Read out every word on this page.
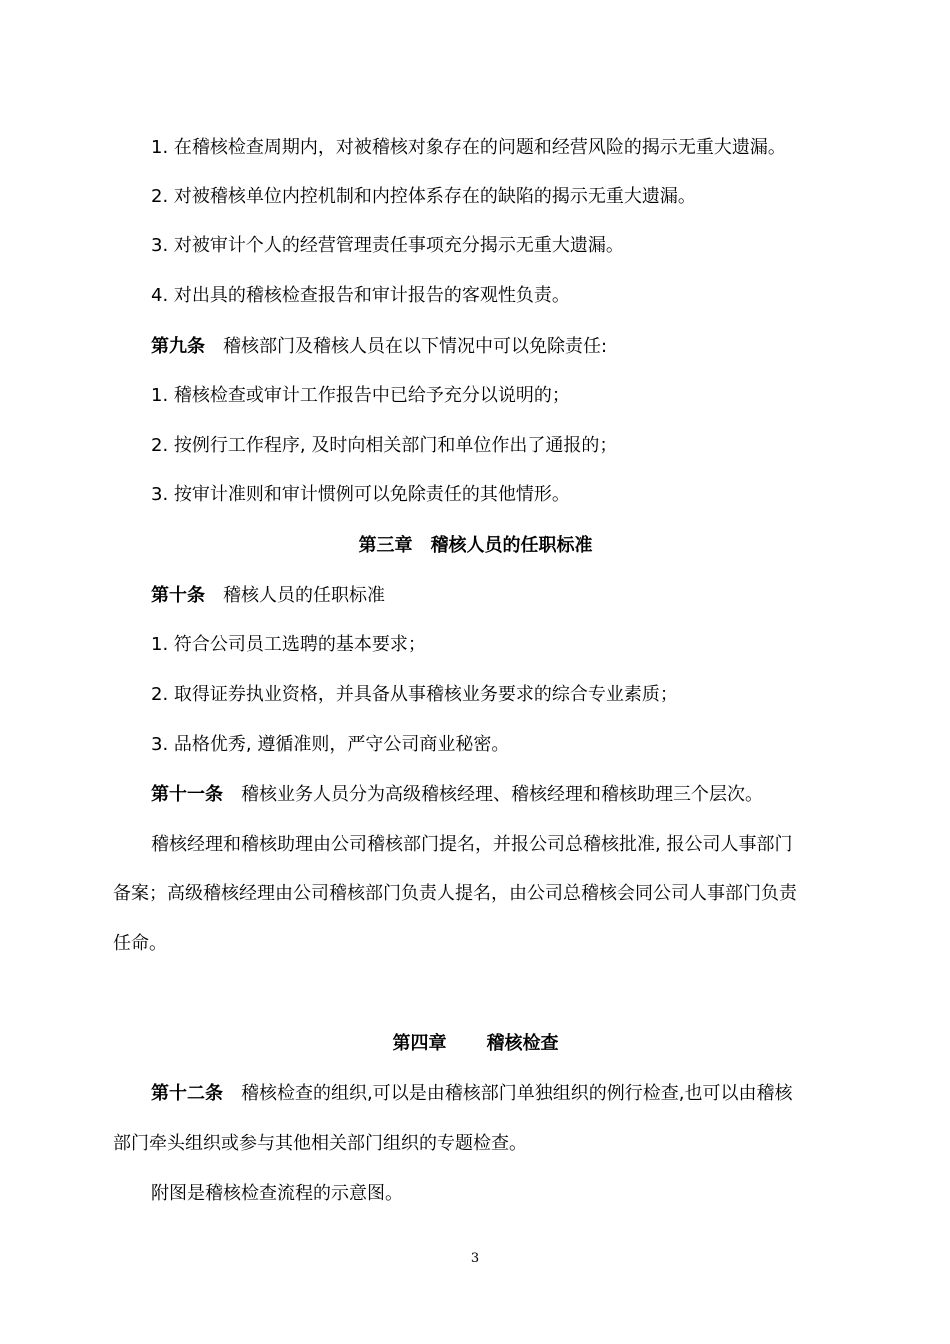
1. 在稽核检查周期内，对被稽核对象存在的问题和经营风险的揭示无重大遗漏。
2. 对被稽核单位内控机制和内控体系存在的缺陷的揭示无重大遗漏。
3. 对被审计个人的经营管理责任事项充分揭示无重大遗漏。
4. 对出具的稽核检查报告和审计报告的客观性负责。
第九条 稽核部门及稽核人员在以下情况中可以免除责任:
1. 稽核检查或审计工作报告中已给予充分以说明的；
2. 按例行工作程序, 及时向相关部门和单位作出了通报的；
3. 按审计准则和审计惯例可以免除责任的其他情形。
第三章 稽核人员的任职标准
第十条 稽核人员的任职标准
1. 符合公司员工选聘的基本要求；
2. 取得证券执业资格，并具备从事稽核业务要求的综合专业素质；
3. 品格优秀, 遵循准则，严守公司商业秘密。
第十一条 稽核业务人员分为高级稽核经理、稽核经理和稽核助理三个层次。
稽核经理和稽核助理由公司稽核部门提名，并报公司总稽核批准, 报公司人事部门
备案；高级稽核经理由公司稽核部门负责人提名，由公司总稽核会同公司人事部门负责
任命。
第四章 稽核检查
第十二条 稽核检查的组织,可以是由稽核部门单独组织的例行检查,也可以由稽核
部门牵头组织或参与其他相关部门组织的专题检查。
附图是稽核检查流程的示意图。
3
